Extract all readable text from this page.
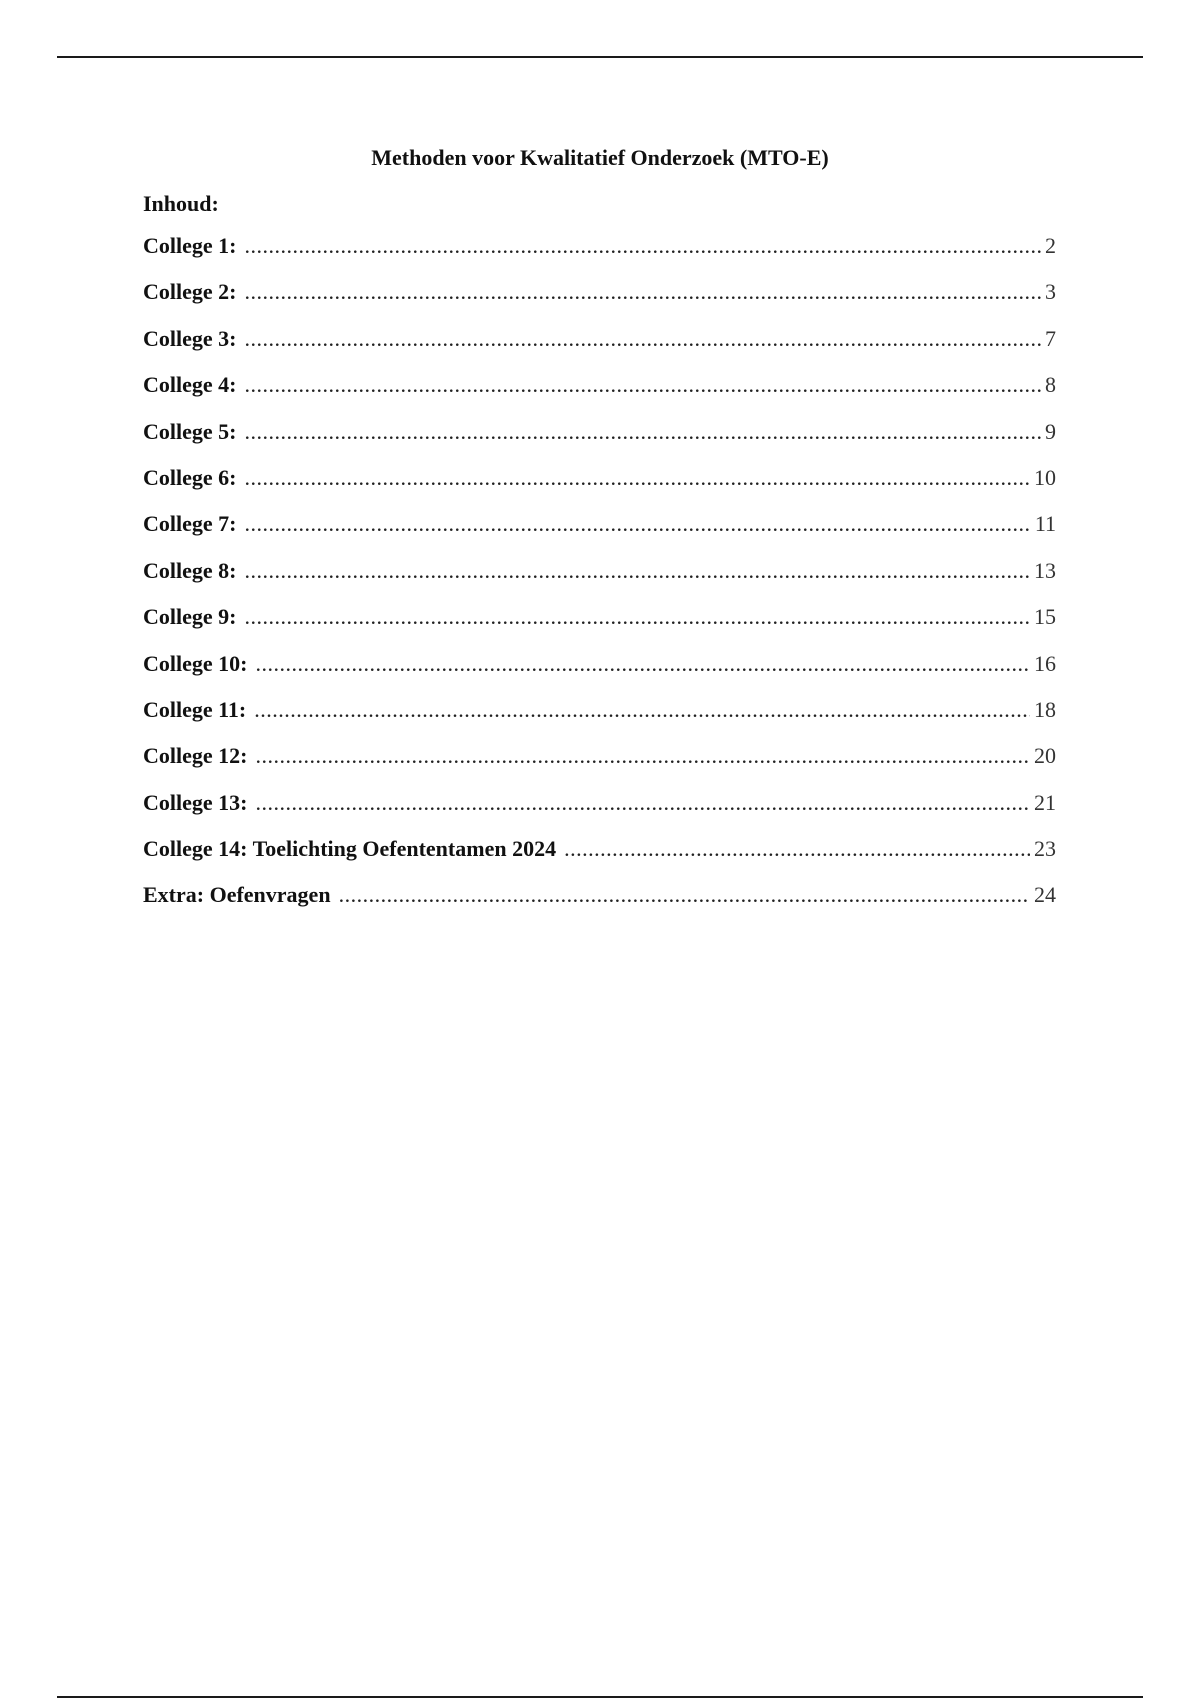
Methoden voor Kwalitatief Onderzoek (MTO-E)
Inhoud:
College 1: .....	2
College 2: .....	3
College 3: .....	7
College 4: .....	8
College 5: .....	9
College 6: .....	10
College 7: .....	11
College 8: .....	13
College 9: .....	15
College 10: .....	16
College 11: .....	18
College 12: .....	20
College 13: .....	21
College 14: Toelichting Oefententamen 2024 .....	23
Extra: Oefenvragen .....	24
